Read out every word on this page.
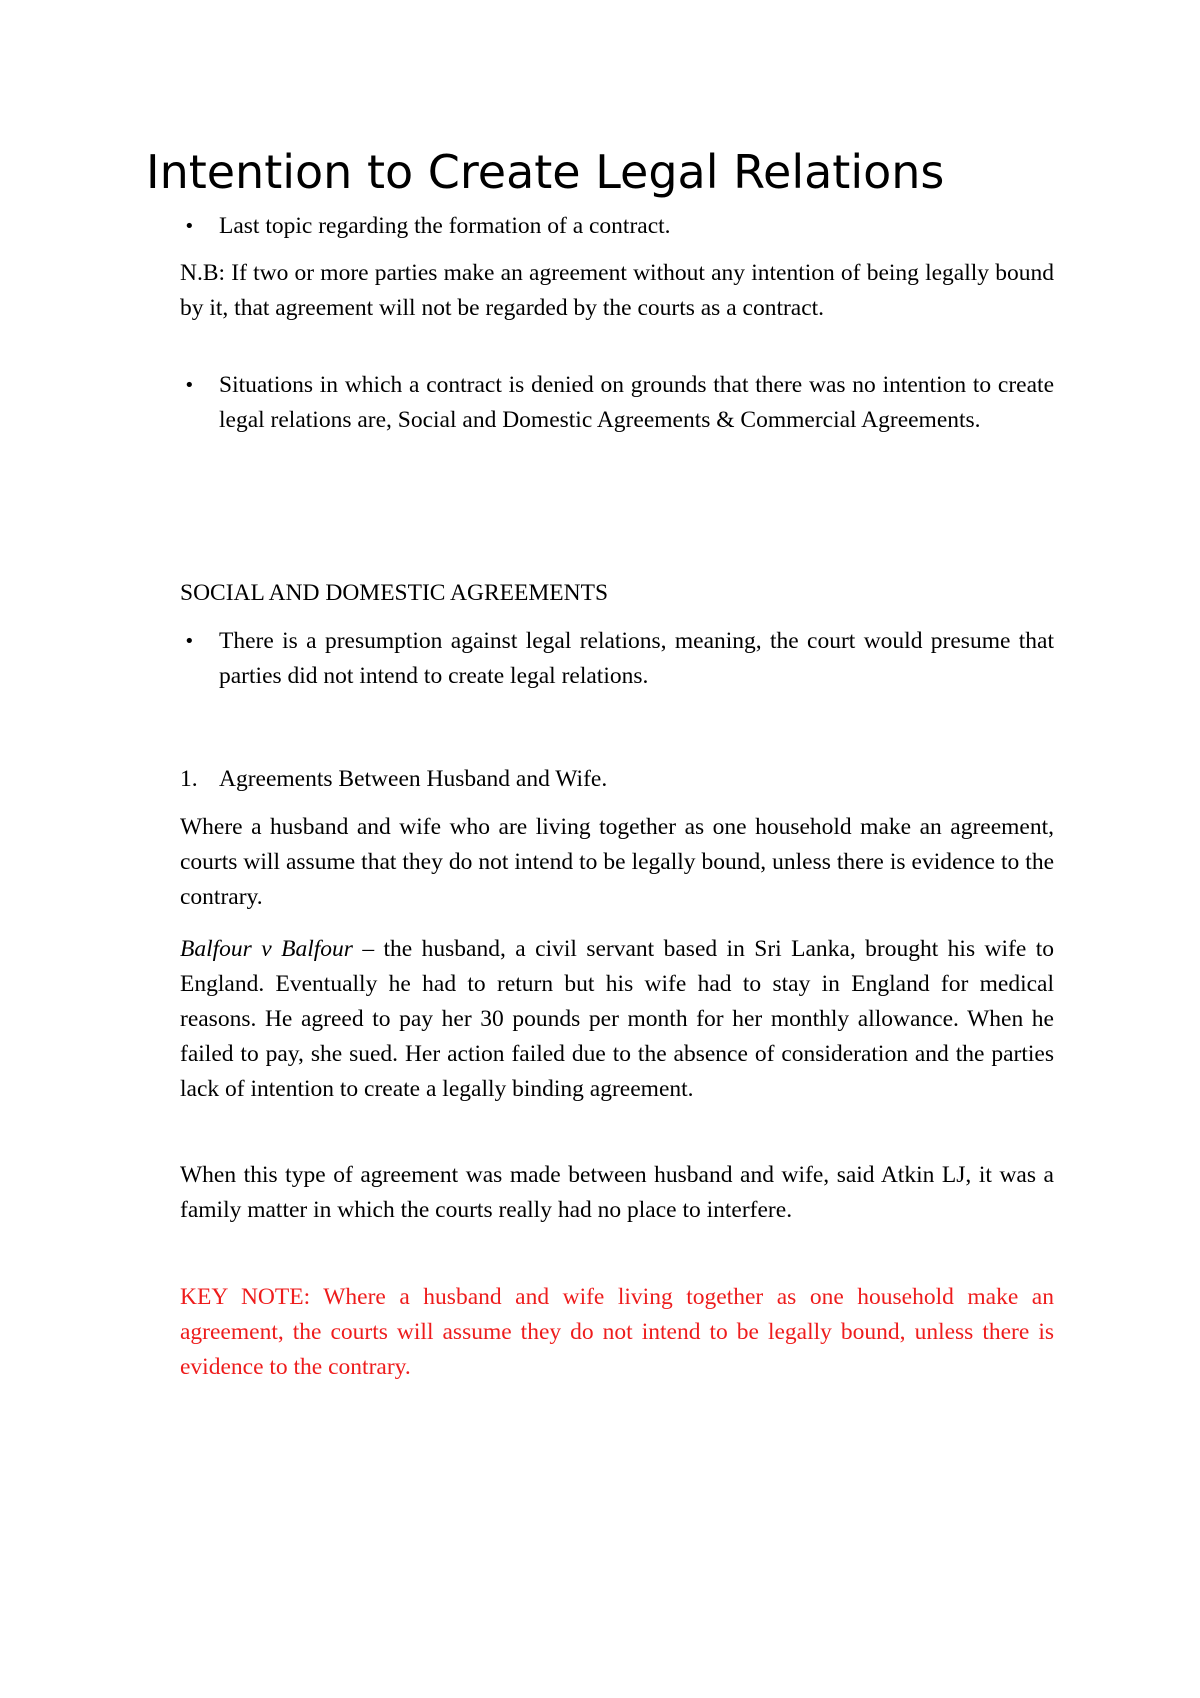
Intention to Create Legal Relations
•	Last topic regarding the formation of a contract.

N.B: If two or more parties make an agreement without any intention of being legally bound by it, that agreement will not be regarded by the courts as a contract.

•	Situations in which a contract is denied on grounds that there was no intention to create legal relations are, Social and Domestic Agreements & Commercial Agreements.

SOCIAL AND DOMESTIC AGREEMENTS

•	There is a presumption against legal relations, meaning, the court would presume that parties did not intend to create legal relations.
1. Agreements Between Husband and Wife.

Where a husband and wife who are living together as one household make an agreement, courts will assume that they do not intend to be legally bound, unless there is evidence to the contrary.

Balfour v Balfour – the husband, a civil servant based in Sri Lanka, brought his wife to England. Eventually he had to return but his wife had to stay in England for medical reasons. He agreed to pay her 30 pounds per month for her monthly allowance. When he failed to pay, she sued. Her action failed due to the absence of consideration and the parties lack of intention to create a legally binding agreement.

When this type of agreement was made between husband and wife, said Atkin LJ, it was a family matter in which the courts really had no place to interfere.

KEY NOTE: Where a husband and wife living together as one household make an agreement, the courts will assume they do not intend to be legally bound, unless there is evidence to the contrary.
